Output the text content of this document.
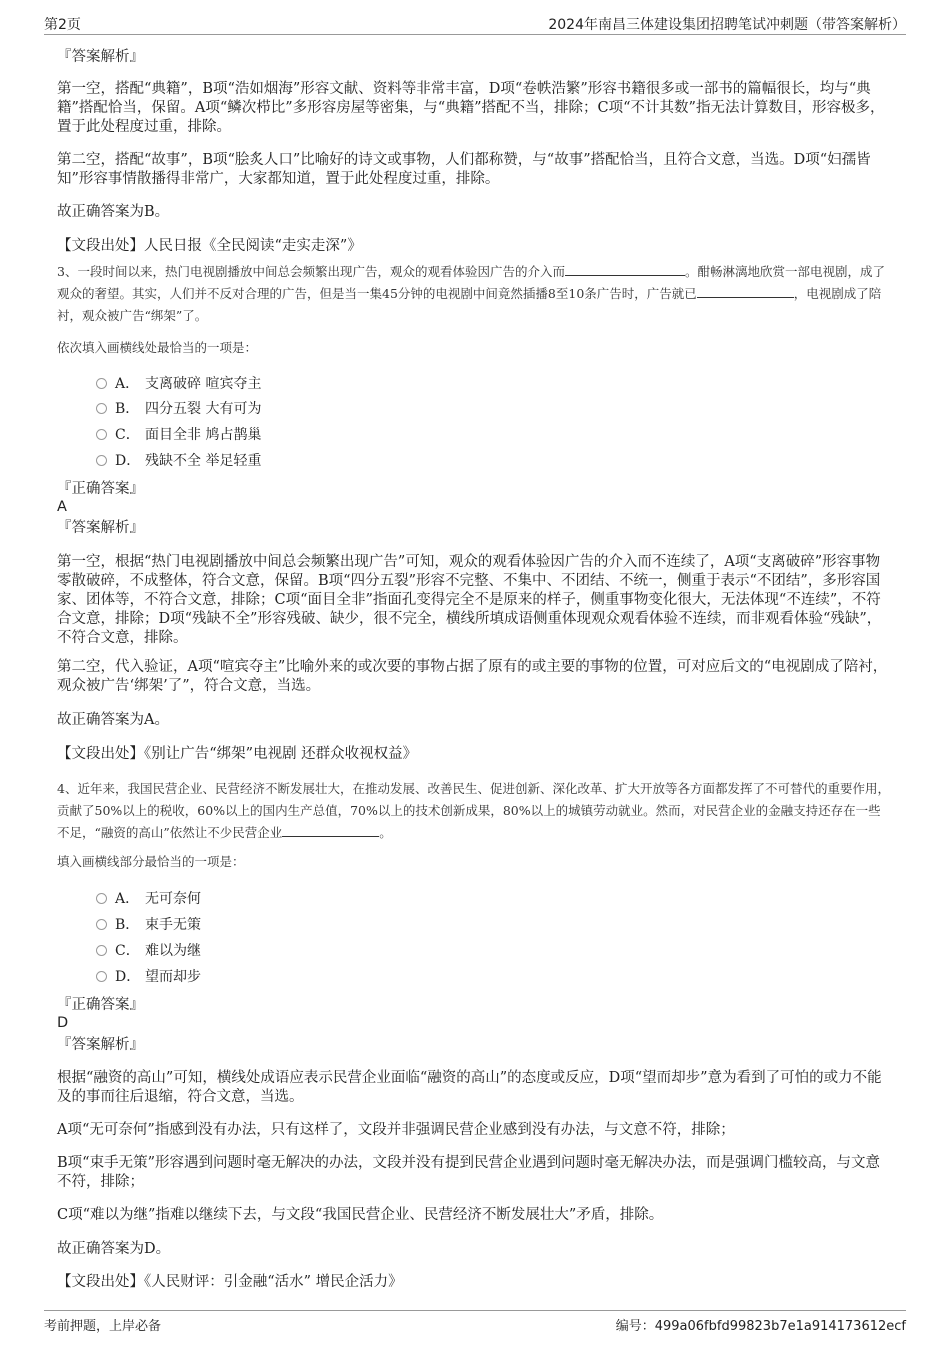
第2页	2024年南昌三体建设集团招聘笔试冲刺题（带答案解析）
『答案解析』
第一空，搭配“典籍”，B项“浩如烟海”形容文献、资料等非常丰富，D项“卷帙浩繁”形容书籍很多或一部书的篇幅很长，均与“典籍”搭配恰当，保留。A项“鳞次栉比”多形容房屋等密集，与“典籍”搭配不当，排除；C项“不计其数”指无法计算数目，形容极多，置于此处程度过重，排除。
第二空，搭配“故事”，B项“脍炙人口”比喻好的诗文或事物，人们都称赞，与“故事”搭配恰当，且符合文意，当选。D项“妇孺皆知”形容事情散播得非常广，大家都知道，置于此处程度过重，排除。
故正确答案为B。
【文段出处】人民日报《全民阅读“走实走深”》
3、一段时间以来，热门电视剧播放中间总会频繁出现广告，观众的观看体验因广告的介入而	。酣畅淋漓地欣赏一部电视剧，成了观众的奢望。其实，人们并不反对合理的广告，但是当一集45分钟的电视剧中间竟然插播8至10条广告时，广告就已	，电视剧成了陪衬，观众被广告“绑架”了。
依次填入画横线处最恰当的一项是：
A． 支离破碎 喧宾夺主
B． 四分五裂 大有可为
C． 面目全非 鸠占鹊巢
D． 残缺不全 举足轻重
『正确答案』
A
『答案解析』
第一空，根据“热门电视剧播放中间总会频繁出现广告”可知，观众的观看体验因广告的介入而不连续了，A项“支离破碎”形容事物零散破碎，不成整体，符合文意，保留。B项“四分五裂”形容不完整、不集中、不团结、不统一，侧重于表示“不团结”，多形容国家、团体等，不符合文意，排除；C项“面目全非”指面孔变得完全不是原来的样子，侧重事物变化很大，无法体现“不连续”，不符合文意，排除；D项“残缺不全”形容残破、缺少，很不完全，横线所填成语侧重体现观众观看体验不连续，而非观看体验“残缺”，不符合文意，排除。
第二空，代入验证，A项“喧宾夺主”比喻外来的或次要的事物占据了原有的或主要的事物的位置，可对应后文的“电视剧成了陪衬，观众被广告‘绑架’了”，符合文意，当选。
故正确答案为A。
【文段出处】《别让广告“绑架”电视剧 还群众收视权益》
4、近年来，我国民营企业、民营经济不断发展壮大，在推动发展、改善民生、促进创新、深化改革、扩大开放等各方面都发挥了不可替代的重要作用，贡献了50%以上的税收，60%以上的国内生产总值，70%以上的技术创新成果，80%以上的城镇劳动就业。然而，对民营企业的金融支持还存在一些不足，“融资的高山”依然让不少民营企业	。
填入画横线部分最恰当的一项是：
A． 无可奈何
B． 束手无策
C． 难以为继
D． 望而却步
『正确答案』
D
『答案解析』
根据“融资的高山”可知，横线处成语应表示民营企业面临“融资的高山”的态度或反应，D项“望而却步”意为看到了可怕的或力不能及的事而往后退缩，符合文意，当选。
A项“无可奈何”指感到没有办法，只有这样了，文段并非强调民营企业感到没有办法，与文意不符，排除；
B项“束手无策”形容遇到问题时毫无解决的办法，文段并没有提到民营企业遇到问题时毫无解决办法，而是强调门槛较高，与文意不符，排除；
C项“难以为继”指难以继续下去，与文段“我国民营企业、民营经济不断发展壮大”矛盾，排除。
故正确答案为D。
【文段出处】《人民财评：引金融“活水” 增民企活力》
考前押题，上岸必备	编号：499a06fbfd99823b7e1a914173612ecf
